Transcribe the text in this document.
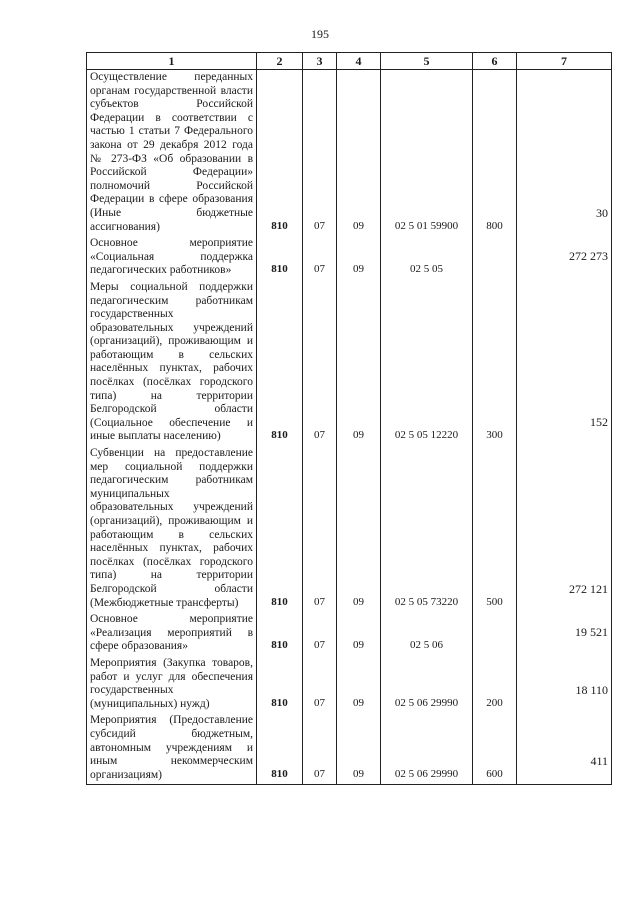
195
1	2	3	4	5	6	7
Осуществление переданных органам государственной власти субъектов Российской Федерации в соответствии с частью 1 статьи 7 Федерального закона от 29 декабря 2012 года № 273-ФЗ «Об образовании в Российской Федерации» полномочий Российской Федерации в сфере образования (Иные бюджетные ассигнования)	810	07	09	02 5 01 59900	800	30
Основное мероприятие «Социальная поддержка педагогических работников»	810	07	09	02 5 05		272 273
Меры социальной поддержки педагогическим работникам государственных образовательных учреждений (организаций), проживающим и работающим в сельских населённых пунктах, рабочих посёлках (посёлках городского типа) на территории Белгородской области (Социальное обеспечение и иные выплаты населению)	810	07	09	02 5 05 12220	300	152
Субвенции на предоставление мер социальной поддержки педагогическим работникам муниципальных образовательных учреждений (организаций), проживающим и работающим в сельских населённых пунктах, рабочих посёлках (посёлках городского типа) на территории Белгородской области (Межбюджетные трансферты)	810	07	09	02 5 05 73220	500	272 121
Основное мероприятие «Реализация мероприятий в сфере образования»	810	07	09	02 5 06		19 521
Мероприятия (Закупка товаров, работ и услуг для обеспечения государственных (муниципальных) нужд)	810	07	09	02 5 06 29990	200	18 110
Мероприятия (Предоставление субсидий бюджетным, автономным учреждениям и иным некоммерческим организациям)	810	07	09	02 5 06 29990	600	411
